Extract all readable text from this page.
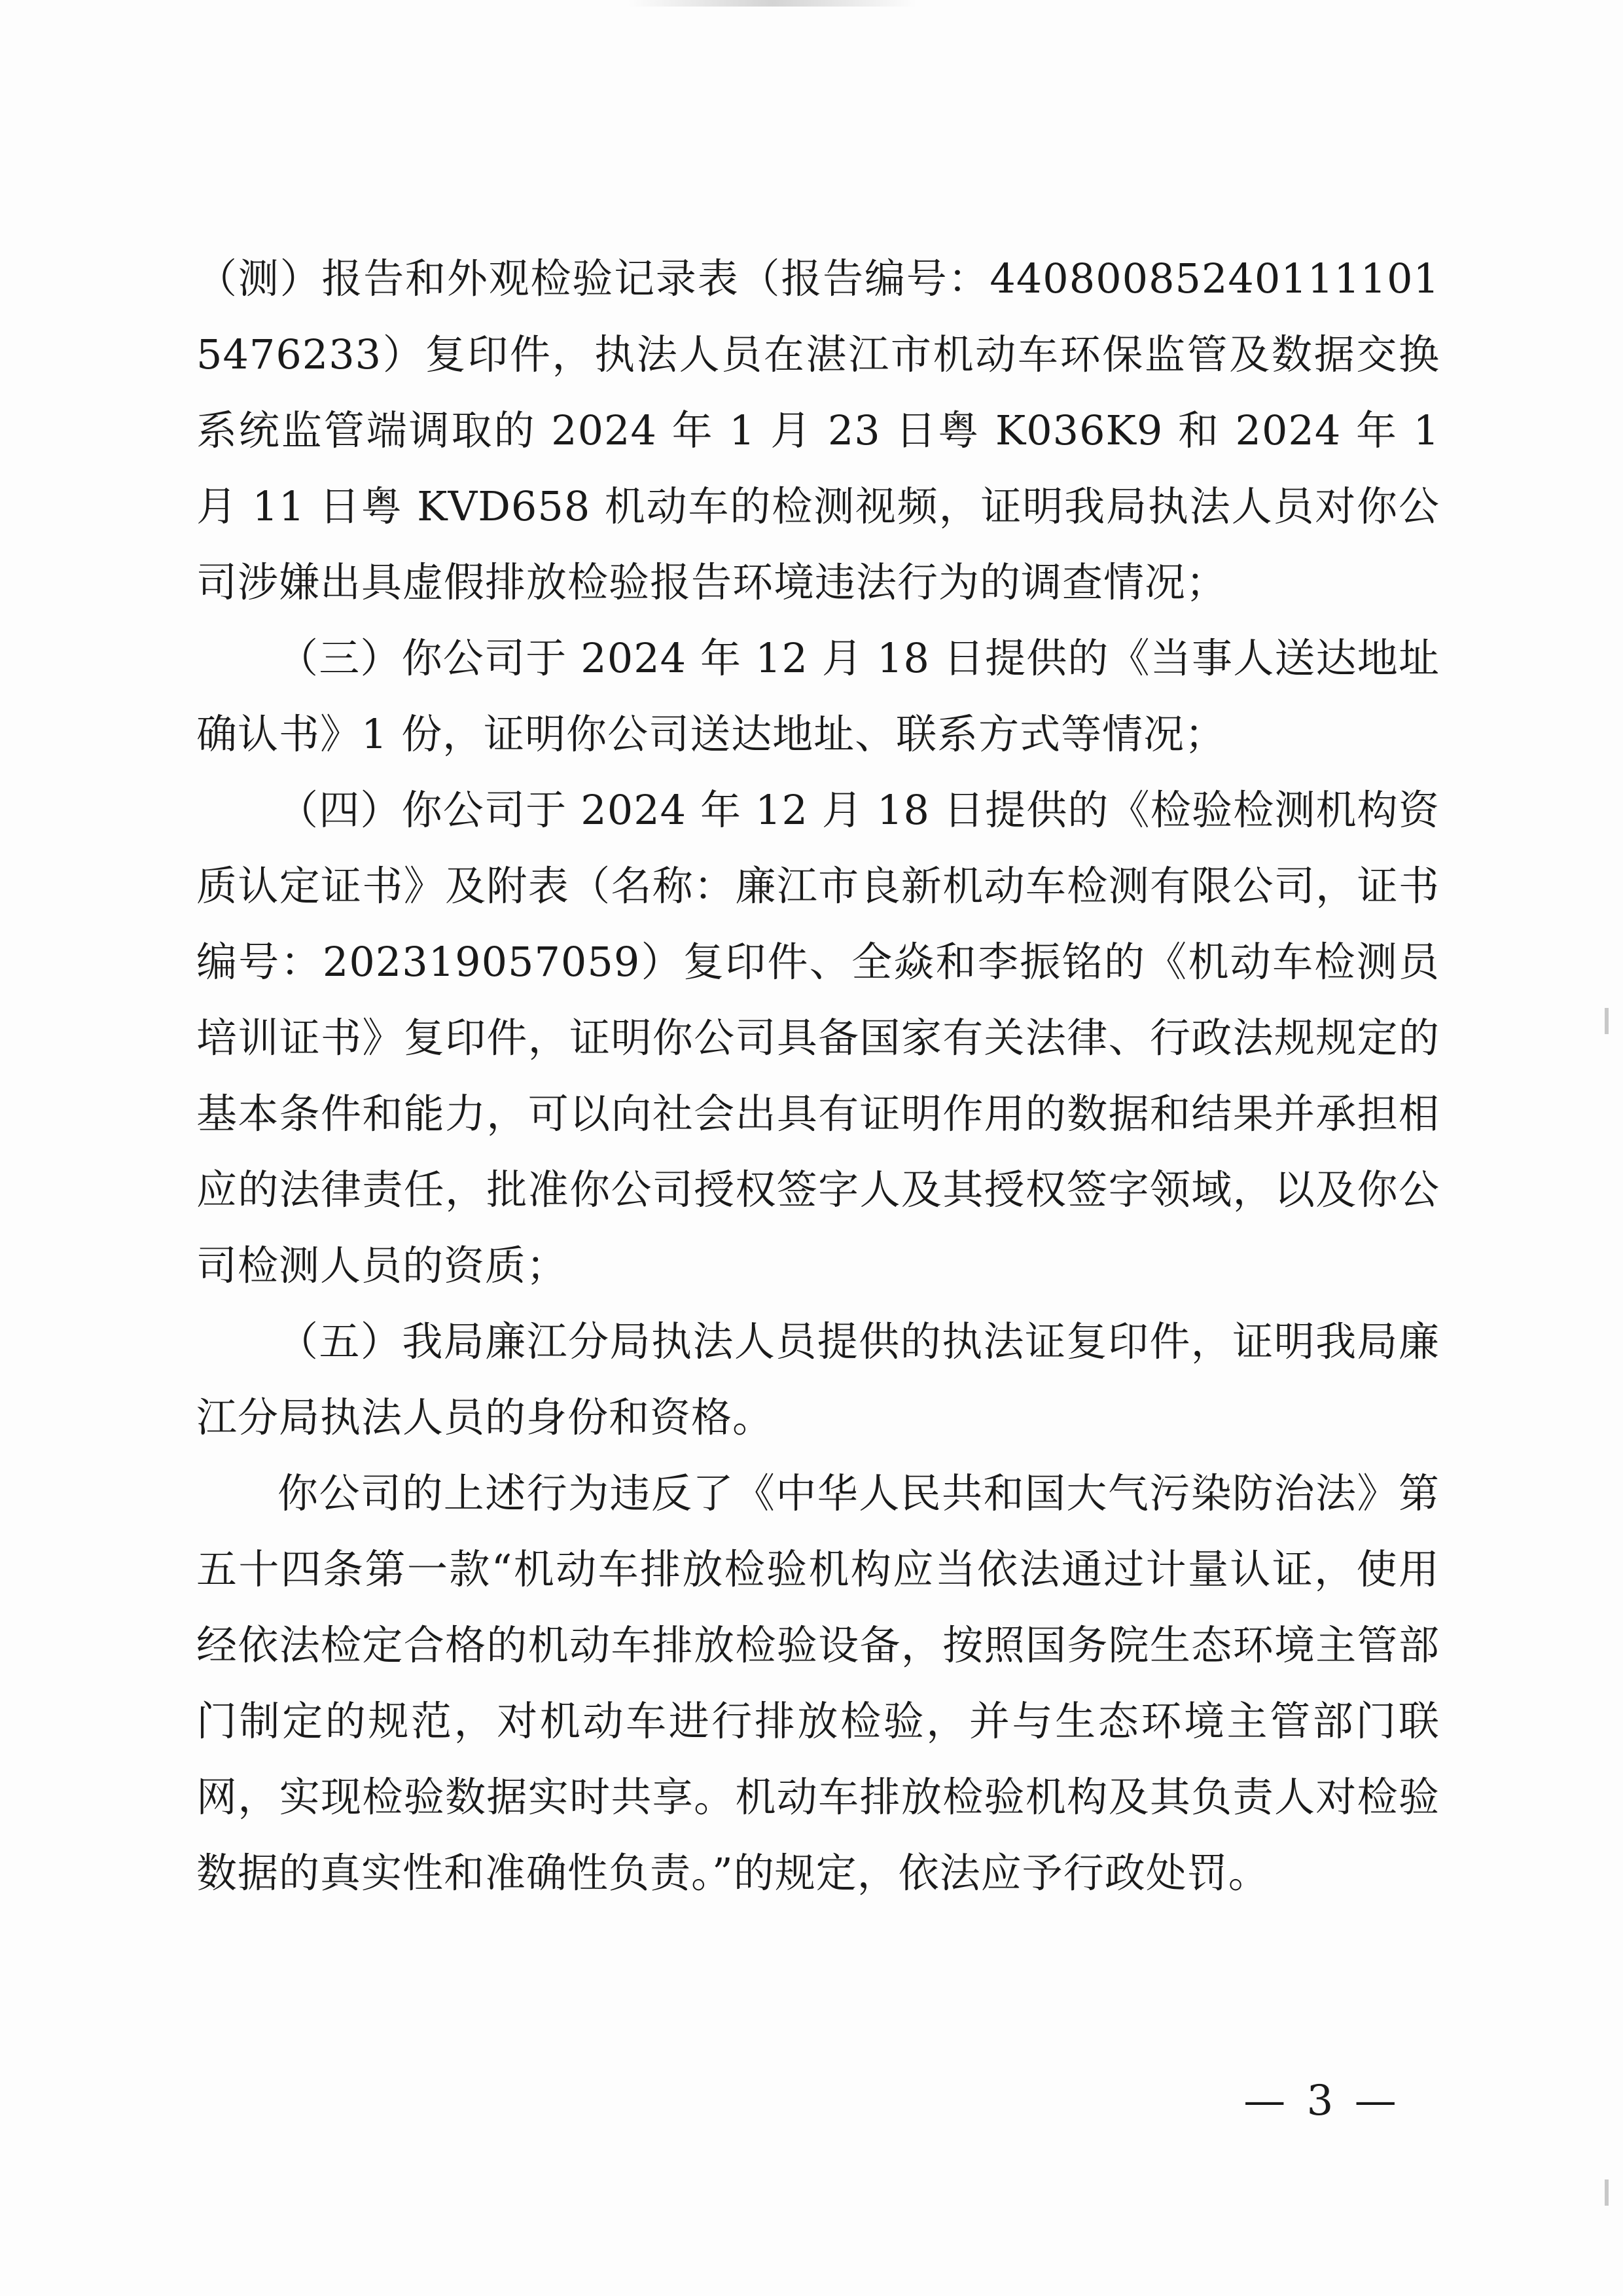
（测）报告和外观检验记录表（报告编号：440800852401111015476233）复印件，执法人员在湛江市机动车环保监管及数据交换系统监管端调取的 2024 年 1 月 23 日粤 K036K9 和 2024 年 1 月 11 日粤 KVD658 机动车的检测视频，证明我局执法人员对你公司涉嫌出具虚假排放检验报告环境违法行为的调查情况；

（三）你公司于 2024 年 12 月 18 日提供的《当事人送达地址确认书》1 份，证明你公司送达地址、联系方式等情况；

（四）你公司于 2024 年 12 月 18 日提供的《检验检测机构资质认定证书》及附表（名称：廉江市良新机动车检测有限公司，证书编号：202319057059）复印件、全焱和李振铭的《机动车检测员培训证书》复印件，证明你公司具备国家有关法律、行政法规规定的基本条件和能力，可以向社会出具有证明作用的数据和结果并承担相应的法律责任，批准你公司授权签字人及其授权签字领域，以及你公司检测人员的资质；

（五）我局廉江分局执法人员提供的执法证复印件，证明我局廉江分局执法人员的身份和资格。

你公司的上述行为违反了《中华人民共和国大气污染防治法》第五十四条第一款“机动车排放检验机构应当依法通过计量认证，使用经依法检定合格的机动车排放检验设备，按照国务院生态环境主管部门制定的规范，对机动车进行排放检验，并与生态环境主管部门联网，实现检验数据实时共享。机动车排放检验机构及其负责人对检验数据的真实性和准确性负责。”的规定，依法应予行政处罚。

— 3 —
